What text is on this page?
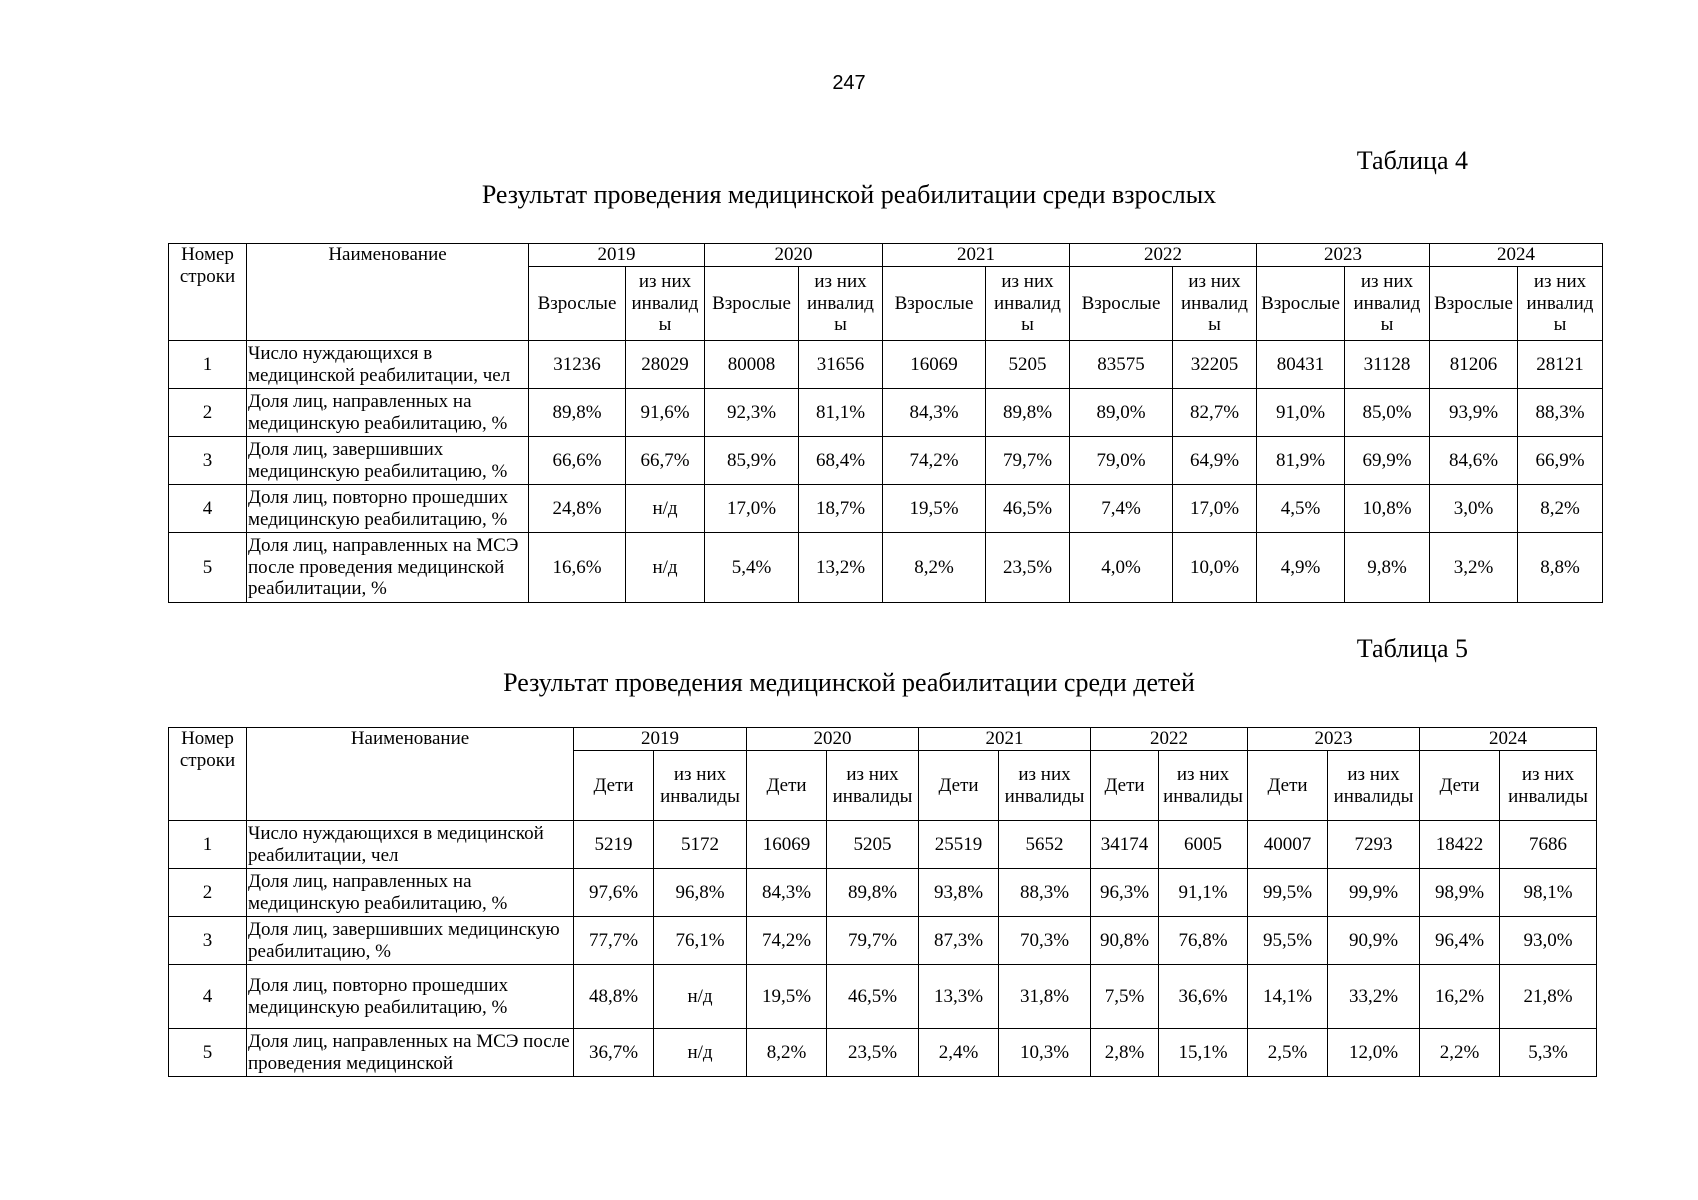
247
Таблица 4
Результат проведения медицинской реабилитации среди взрослых
Номер строки	Наименование	2019		2020		2021		2022		2023		2024	
		Взрослые	из них инвалид ы	Взрослые	из них инвалид ы	Взрослые	из них инвалид ы	Взрослые	из них инвалид ы	Взрослые	из них инвалид ы	Взрослые	из них инвалид ы
1	Число нуждающихся в медицинской реабилитации, чел	31236	28029	80008	31656	16069	5205	83575	32205	80431	31128	81206	28121
2	Доля лиц, направленных на медицинскую реабилитацию, %	89,8%	91,6%	92,3%	81,1%	84,3%	89,8%	89,0%	82,7%	91,0%	85,0%	93,9%	88,3%
3	Доля лиц, завершивших медицинскую реабилитацию, %	66,6%	66,7%	85,9%	68,4%	74,2%	79,7%	79,0%	64,9%	81,9%	69,9%	84,6%	66,9%
4	Доля лиц, повторно прошедших медицинскую реабилитацию, %	24,8%	н/д	17,0%	18,7%	19,5%	46,5%	7,4%	17,0%	4,5%	10,8%	3,0%	8,2%
5	Доля лиц, направленных на МСЭ после проведения медицинской реабилитации, %	16,6%	н/д	5,4%	13,2%	8,2%	23,5%	4,0%	10,0%	4,9%	9,8%	3,2%	8,8%
Таблица 5
Результат проведения медицинской реабилитации среди детей
Номер строки	Наименование	2019		2020		2021		2022		2023		2024	
		Дети	из них инвалиды	Дети	из них инвалиды	Дети	из них инвалиды	Дети	из них инвалиды	Дети	из них инвалиды	Дети	из них инвалиды
1	Число нуждающихся в медицинской реабилитации, чел	5219	5172	16069	5205	25519	5652	34174	6005	40007	7293	18422	7686
2	Доля лиц, направленных на медицинскую реабилитацию, %	97,6%	96,8%	84,3%	89,8%	93,8%	88,3%	96,3%	91,1%	99,5%	99,9%	98,9%	98,1%
3	Доля лиц, завершивших медицинскую реабилитацию, %	77,7%	76,1%	74,2%	79,7%	87,3%	70,3%	90,8%	76,8%	95,5%	90,9%	96,4%	93,0%
4	Доля лиц, повторно прошедших медицинскую реабилитацию, %	48,8%	н/д	19,5%	46,5%	13,3%	31,8%	7,5%	36,6%	14,1%	33,2%	16,2%	21,8%
5	Доля лиц, направленных на МСЭ после проведения медицинской	36,7%	н/д	8,2%	23,5%	2,4%	10,3%	2,8%	15,1%	2,5%	12,0%	2,2%	5,3%
